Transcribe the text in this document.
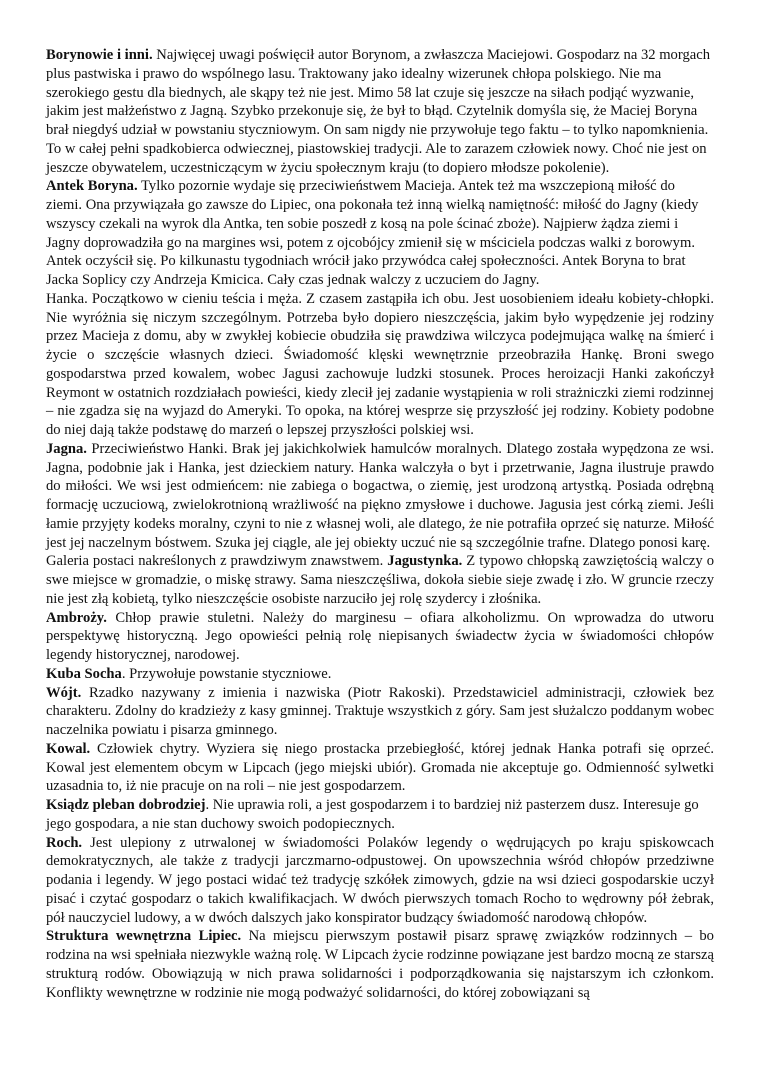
Borynowie i inni. Najwięcej uwagi poświęcił autor Borynom, a zwłaszcza Maciejowi. Gospodarz na 32 morgach plus pastwiska i prawo do wspólnego lasu. Traktowany jako idealny wizerunek chłopa polskiego. Nie ma szerokiego gestu dla biednych, ale skąpy też nie jest. Mimo 58 lat czuje się jeszcze na siłach podjąć wyzwanie, jakim jest małżeństwo z Jagną. Szybko przekonuje się, że był to błąd. Czytelnik domyśla się, że Maciej Boryna brał niegdyś udział w powstaniu styczniowym. On sam nigdy nie przywołuje tego faktu – to tylko napomknienia. To w całej pełni spadkobierca odwiecznej, piastowskiej tradycji. Ale to zarazem człowiek nowy. Choć nie jest on jeszcze obywatelem, uczestniczącym w życiu społecznym kraju (to dopiero młodsze pokolenie).

Antek Boryna. Tylko pozornie wydaje się przeciwieństwem Macieja. Antek też ma wszczepioną miłość do ziemi. Ona przywiązała go zawsze do Lipiec, ona pokonała też inną wielką namiętność: miłość do Jagny (kiedy wszyscy czekali na wyrok dla Antka, ten sobie poszedł z kosą na pole ścinać zboże). Najpierw żądza ziemi i Jagny doprowadziła go na margines wsi, potem z ojcobójcy zmienił się w mściciela podczas walki z borowym. Antek oczyścił się. Po kilkunastu tygodniach wrócił jako przywódca całej społeczności. Antek Boryna to brat Jacka Soplicy czy Andrzeja Kmicica. Cały czas jednak walczy z uczuciem do Jagny.

Hanka. Początkowo w cieniu teścia i męża. Z czasem zastąpiła ich obu. Jest uosobieniem ideału kobiety-chłopki. Nie wyróżnia się niczym szczególnym. Potrzeba było dopiero nieszczęścia, jakim było wypędzenie jej rodziny przez Macieja z domu, aby w zwykłej kobiecie obudziła się prawdziwa wilczyca podejmująca walkę na śmierć i życie o szczęście własnych dzieci. Świadomość klęski wewnętrznie przeobraziła Hankę. Broni swego gospodarstwa przed kowalem, wobec Jagusi zachowuje ludzki stosunek. Proces heroizacji Hanki zakończył Reymont w ostatnich rozdziałach powieści, kiedy zlecił jej zadanie wystąpienia w roli strażniczki ziemi rodzinnej – nie zgadza się na wyjazd do Ameryki. To opoka, na której wesprze się przyszłość jej rodziny. Kobiety podobne do niej dają także podstawę do marzeń o lepszej przyszłości polskiej wsi.

Jagna. Przeciwieństwo Hanki. Brak jej jakichkolwiek hamulców moralnych. Dlatego została wypędzona ze wsi. Jagna, podobnie jak i Hanka, jest dzieckiem natury. Hanka walczyła o byt i przetrwanie, Jagna ilustruje prawdo do miłości. We wsi jest odmieńcem: nie zabiega o bogactwa, o ziemię, jest urodzoną artystką. Posiada odrębną formację uczuciową, zwielokrotnioną wrażliwość na piękno zmysłowe i duchowe. Jagusia jest córką ziemi. Jeśli łamie przyjęty kodeks moralny, czyni to nie z własnej woli, ale dlatego, że nie potrafiła oprzeć się naturze. Miłość jest jej naczelnym bóstwem. Szuka jej ciągle, ale jej obiekty uczuć nie są szczególnie trafne. Dlatego ponosi karę.

Galeria postaci nakreślonych z prawdziwym znawstwem. Jagustynka. Z typowo chłopską zawziętością walczy o swe miejsce w gromadzie, o miskę strawy. Sama nieszczęśliwa, dokoła siebie sieje zwadę i zło. W gruncie rzeczy nie jest złą kobietą, tylko nieszczęście osobiste narzuciło jej rolę szydercy i złośnika.

Ambroży. Chłop prawie stuletni. Należy do marginesu – ofiara alkoholizmu. On wprowadza do utworu perspektywę historyczną. Jego opowieści pełnią rolę niepisanych świadectw życia w świadomości chłopów legendy historycznej, narodowej.

Kuba Socha. Przywołuje powstanie styczniowe.

Wójt. Rzadko nazywany z imienia i nazwiska (Piotr Rakoski). Przedstawiciel administracji, człowiek bez charakteru. Zdolny do kradzieży z kasy gminnej. Traktuje wszystkich z góry. Sam jest służalczo poddanym wobec naczelnika powiatu i pisarza gminnego.

Kowal. Człowiek chytry. Wyziera się niego prostacka przebiegłość, której jednak Hanka potrafi się oprzeć. Kowal jest elementem obcym w Lipcach (jego miejski ubiór). Gromada nie akceptuje go. Odmienność sylwetki uzasadnia to, iż nie pracuje on na roli – nie jest gospodarzem.

Ksiądz pleban dobrodziej. Nie uprawia roli, a jest gospodarzem i to bardziej niż pasterzem dusz. Interesuje go jego gospodara, a nie stan duchowy swoich podopiecznych.

Roch. Jest ulepiony z utrwalonej w świadomości Polaków legendy o wędrujących po kraju spiskowcach demokratycznych, ale także z tradycji jarczmarno-odpustowej. On upowszechnia wśród chłopów przedziwne podania i legendy. W jego postaci widać też tradycję szkółek zimowych, gdzie na wsi dzieci gospodarskie uczył pisać i czytać gospodarz o takich kwalifikacjach. W dwóch pierwszych tomach Rocho to wędrowny pół żebrak, pół nauczyciel ludowy, a w dwóch dalszych jako konspirator budzący świadomość narodową chłopów.

Struktura wewnętrzna Lipiec. Na miejscu pierwszym postawił pisarz sprawę związków rodzinnych – bo rodzina na wsi spełniała niezwykle ważną rolę. W Lipcach życie rodzinne powiązane jest bardzo mocną ze starszą strukturą rodów. Obowiązują w nich prawa solidarności i podporządkowania się najstarszym ich członkom. Konflikty wewnętrzne w rodzinie nie mogą podważyć solidarności, do której zobowiązani są
